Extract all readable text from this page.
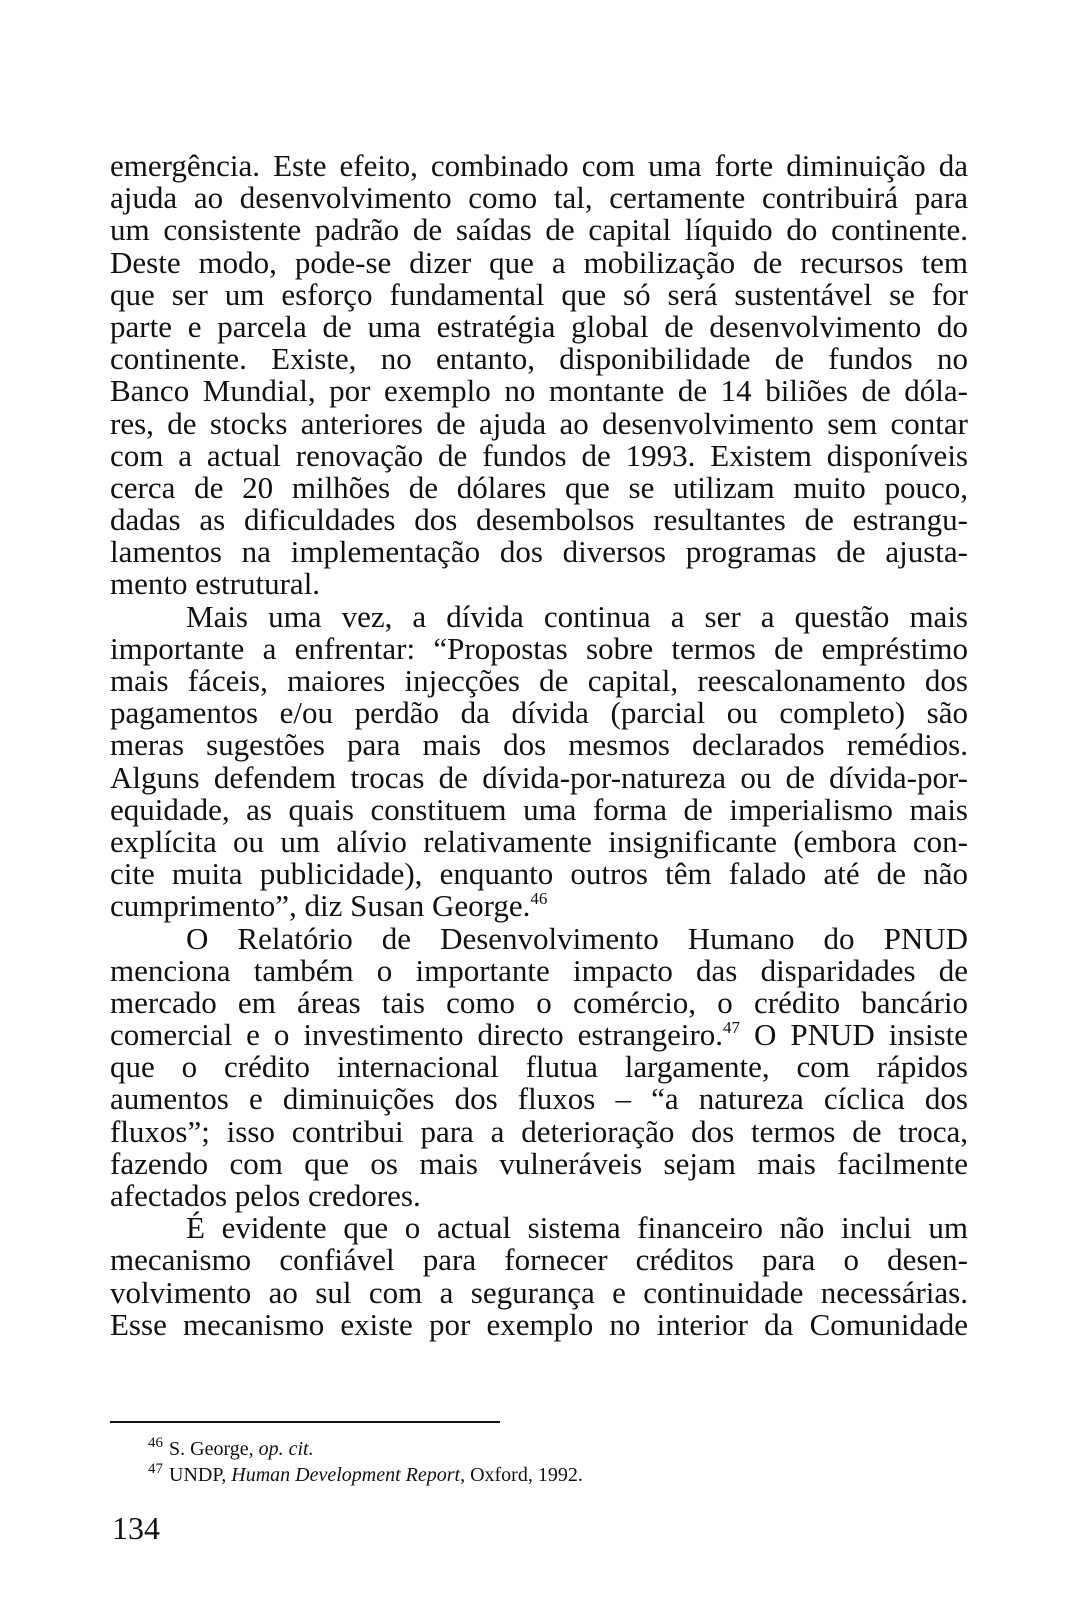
emergência. Este efeito, combinado com uma forte diminuição da
ajuda ao desenvolvimento como tal, certamente contribuirá para
um consistente padrão de saídas de capital líquido do continente.
Deste modo, pode-se dizer que a mobilização de recursos tem
que ser um esforço fundamental que só será sustentável se for
parte e parcela de uma estratégia global de desenvolvimento do
continente. Existe, no entanto, disponibilidade de fundos no
Banco Mundial, por exemplo no montante de 14 biliões de dóla-
res, de stocks anteriores de ajuda ao desenvolvimento sem contar
com a actual renovação de fundos de 1993. Existem disponíveis
cerca de 20 milhões de dólares que se utilizam muito pouco,
dadas as dificuldades dos desembolsos resultantes de estrangu-
lamentos na implementação dos diversos programas de ajusta-
mento estrutural.
Mais uma vez, a dívida continua a ser a questão mais
importante a enfrentar: “Propostas sobre termos de empréstimo
mais fáceis, maiores injecções de capital, reescalonamento dos
pagamentos e/ou perdão da dívida (parcial ou completo) são
meras sugestões para mais dos mesmos declarados remédios.
Alguns defendem trocas de dívida-por-natureza ou de dívida-por-
equidade, as quais constituem uma forma de imperialismo mais
explícita ou um alívio relativamente insignificante (embora con-
cite muita publicidade), enquanto outros têm falado até de não
cumprimento”, diz Susan George.$^{46}$
O Relatório de Desenvolvimento Humano do PNUD
menciona também o importante impacto das disparidades de
mercado em áreas tais como o comércio, o crédito bancário
comercial e o investimento directo estrangeiro.$^{47}$ O PNUD insiste
que o crédito internacional flutua largamente, com rápidos
aumentos e diminuições dos fluxos – “a natureza cíclica dos
fluxos”; isso contribui para a deterioração dos termos de troca,
fazendo com que os mais vulneráveis sejam mais facilmente
afectados pelos credores.
É evidente que o actual sistema financeiro não inclui um
mecanismo confiável para fornecer créditos para o desen-
volvimento ao sul com a segurança e continuidade necessárias.
Esse mecanismo existe por exemplo no interior da Comunidade
$^{46}$ S. George, op. cit.
$^{47}$ UNDP, Human Development Report, Oxford, 1992.
134
